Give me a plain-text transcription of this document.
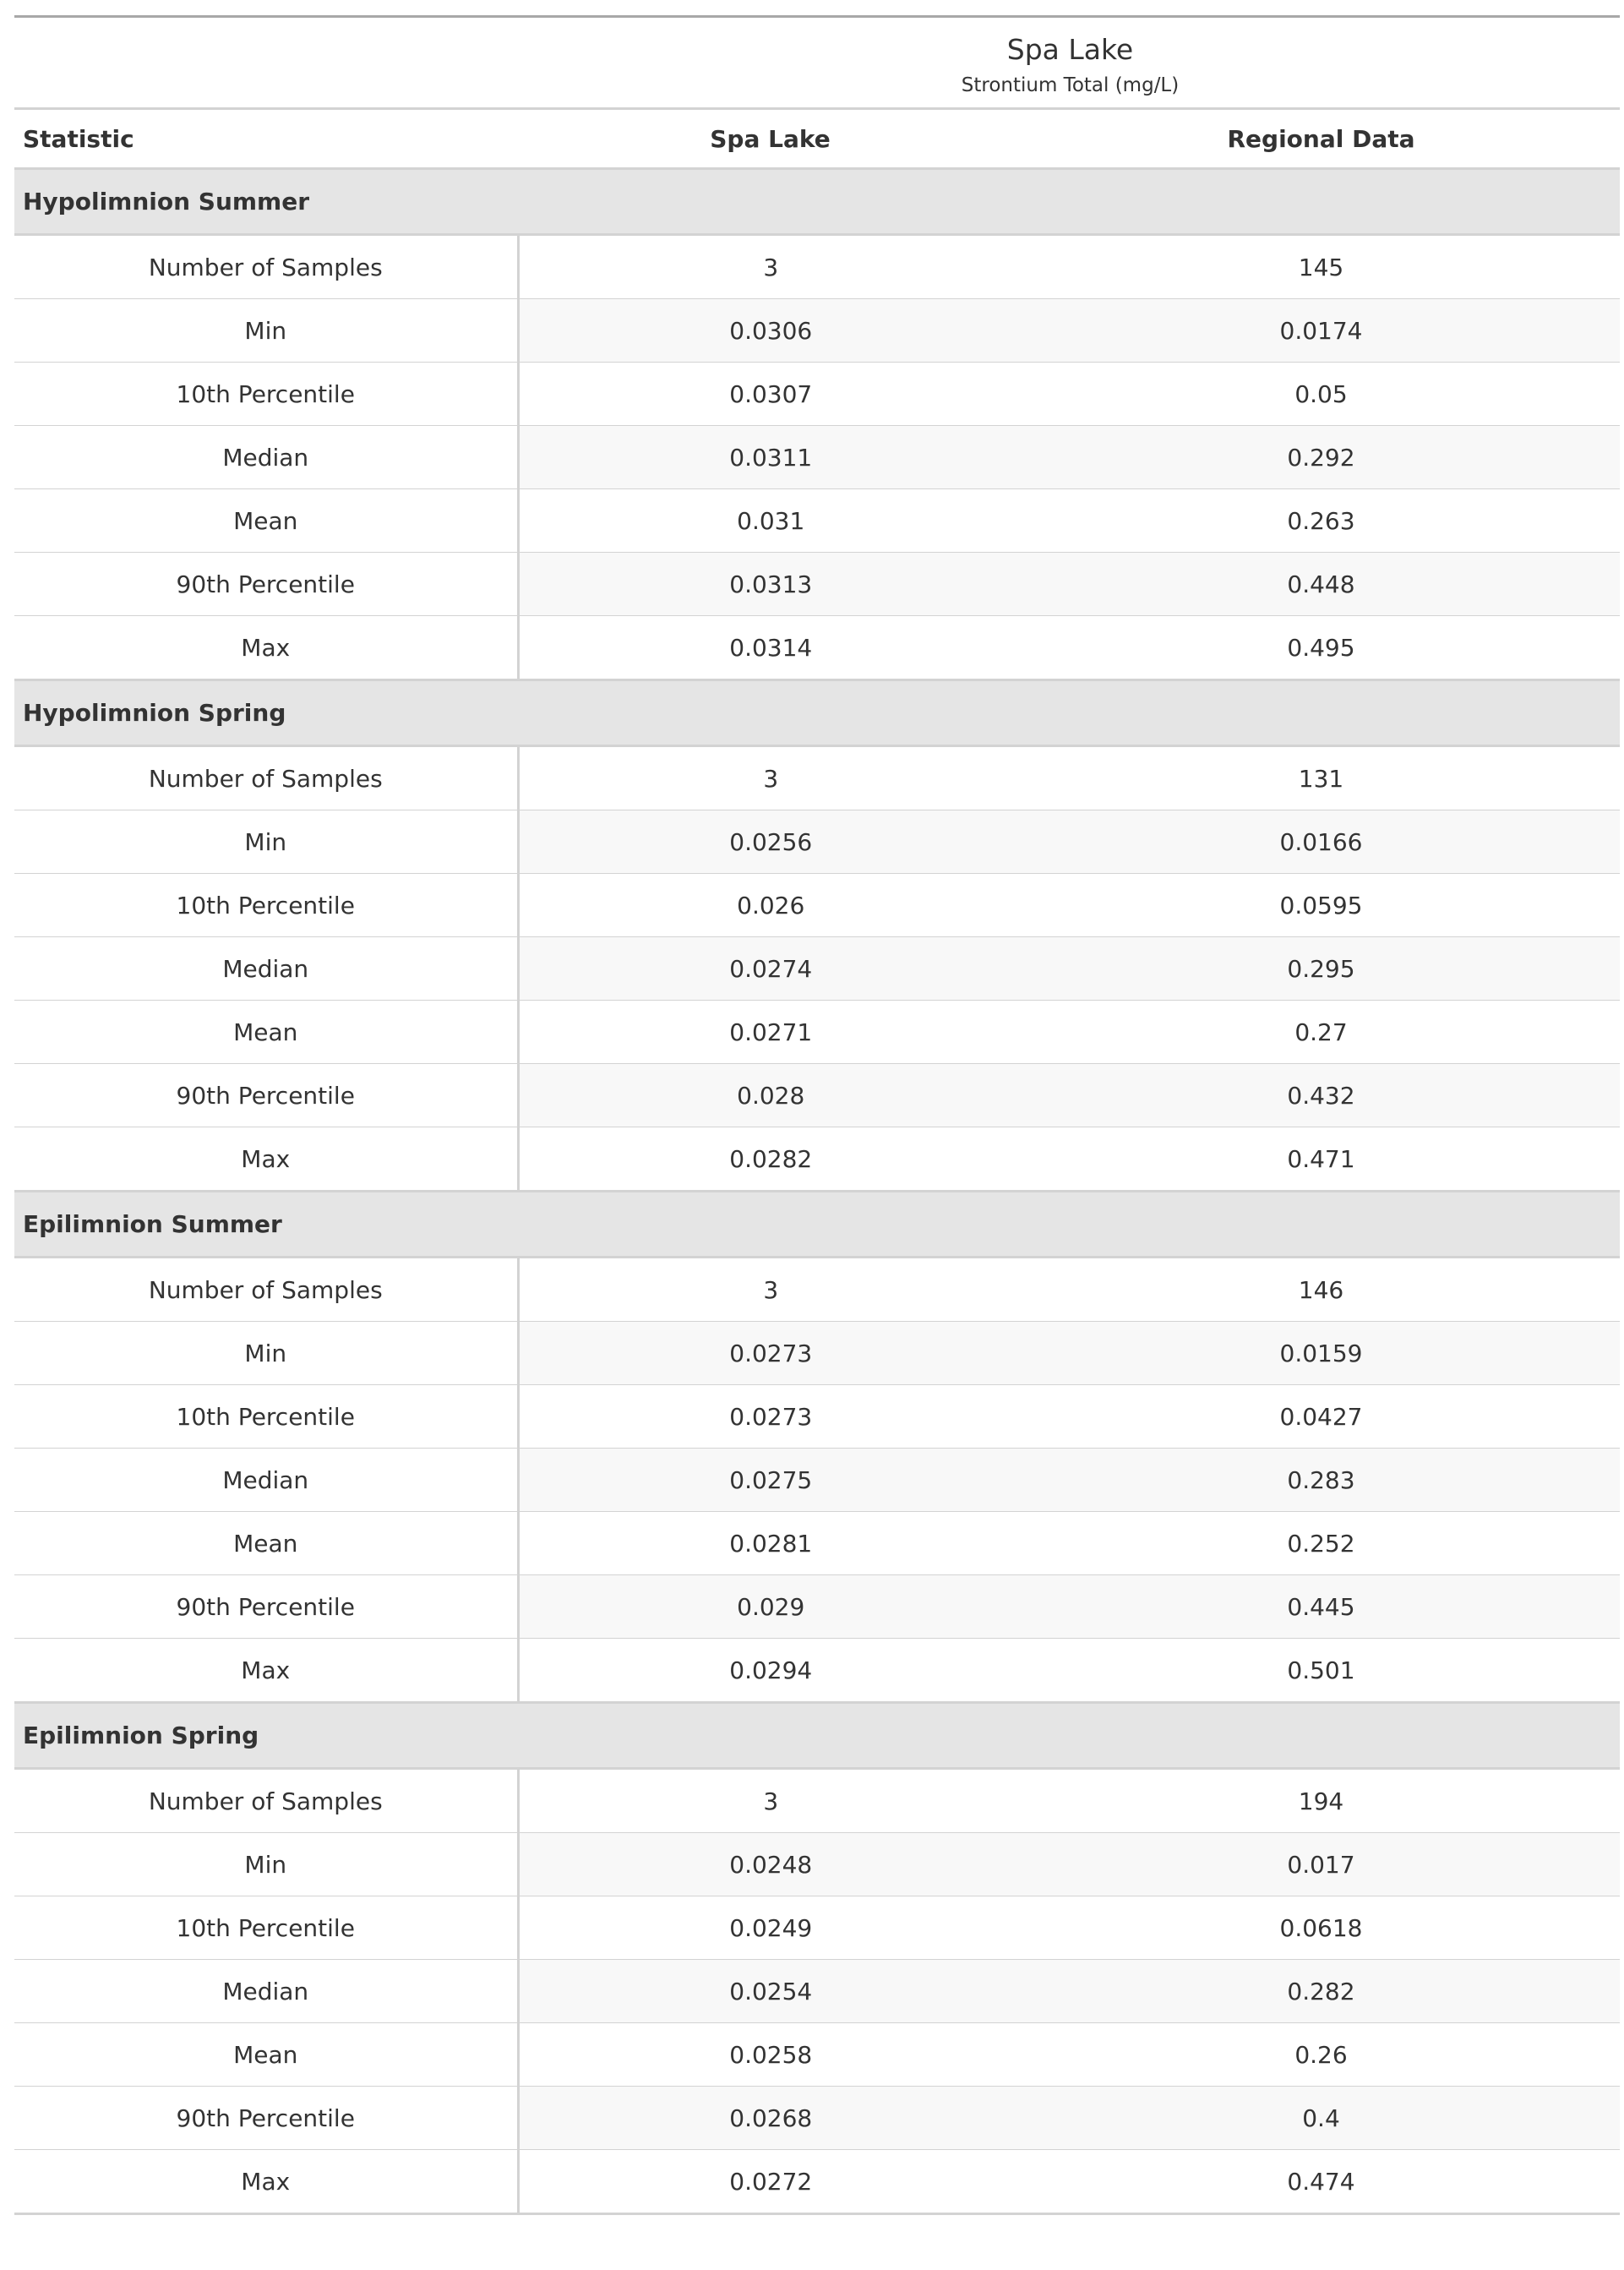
Spa Lake
Strontium Total (mg/L)		

Statistic	Spa Lake	Regional Data
Hypolimnion Summer		
Number of Samples	3	145
Min	0.0306	0.0174
10th Percentile	0.0307	0.05
Median	0.0311	0.292
Mean	0.031	0.263
90th Percentile	0.0313	0.448
Max	0.0314	0.495
Hypolimnion Spring		
Number of Samples	3	131
Min	0.0256	0.0166
10th Percentile	0.026	0.0595
Median	0.0274	0.295
Mean	0.0271	0.27
90th Percentile	0.028	0.432
Max	0.0282	0.471
Epilimnion Summer		
Number of Samples	3	146
Min	0.0273	0.0159
10th Percentile	0.0273	0.0427
Median	0.0275	0.283
Mean	0.0281	0.252
90th Percentile	0.029	0.445
Max	0.0294	0.501
Epilimnion Spring		
Number of Samples	3	194
Min	0.0248	0.017
10th Percentile	0.0249	0.0618
Median	0.0254	0.282
Mean	0.0258	0.26
90th Percentile	0.0268	0.4
Max	0.0272	0.474
